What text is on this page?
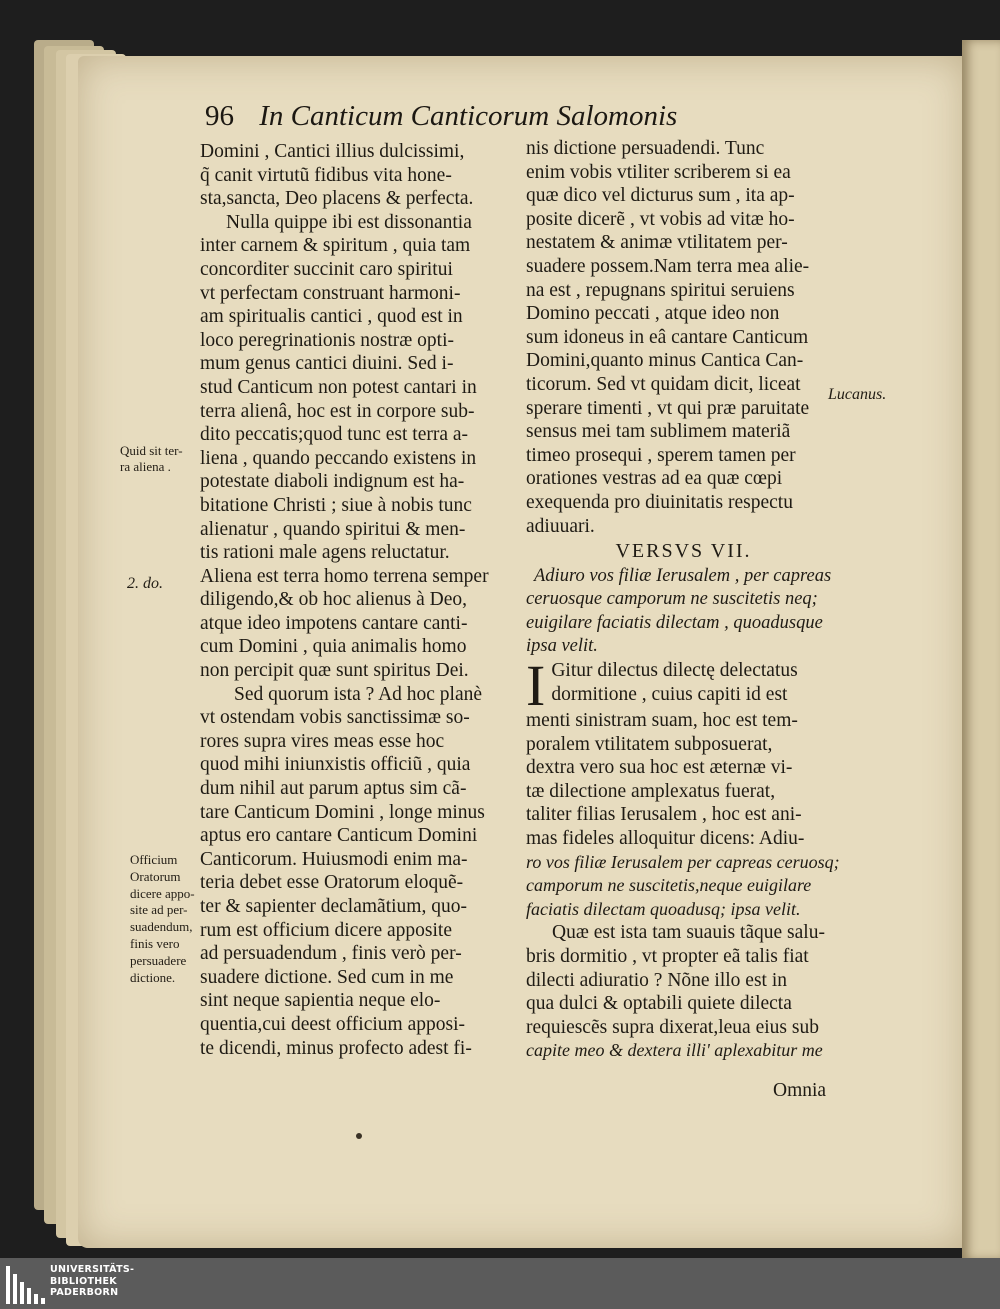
96 In Canticum Canticorum Salomonis
Domini , Cantici illius dulcissimi,
q̃ canit virtutũ fidibus vita hone-
sta,sancta, Deo placens & perfecta.
Nulla quippe ibi est dissonantia
inter carnem & spiritum , quia tam
concorditer succinit caro spiritui
vt perfectam construant harmoni-
am spiritualis cantici , quod est in
loco peregrinationis nostræ opti-
mum genus cantici diuini. Sed i-
stud Canticum non potest cantari in
terra alienâ, hoc est in corpore sub-
dito peccatis;quod tunc est terra a-
liena , quando peccando existens in
potestate diaboli indignum est ha-
bitatione Christi ; siue à nobis tunc
alienatur , quando spiritui & men-
tis rationi male agens reluctatur.
Aliena est terra homo terrena semper
diligendo,& ob hoc alienus à Deo,
atque ideo impotens cantare canti-
cum Domini , quia animalis homo
non percipit quæ sunt spiritus Dei.
Sed quorum ista ? Ad hoc planè
vt ostendam vobis sanctissimæ so-
rores supra vires meas esse hoc
quod mihi iniunxistis officiũ , quia
dum nihil aut parum aptus sim cã-
tare Canticum Domini , longe minus
aptus ero cantare Canticum Domini
Canticorum. Huiusmodi enim ma-
teria debet esse Oratorum eloquẽ-
ter & sapienter declamãtium, quo-
rum est officium dicere apposite
ad persuadendum , finis verò per-
suadere dictione. Sed cum in me
sint neque sapientia neque elo-
quentia,cui deest officium apposi-
te dicendi, minus profecto adest fi-
nis dictione persuadendi. Tunc
enim vobis vtiliter scriberem si ea
quæ dico vel dicturus sum , ita ap-
posite dicerẽ , vt vobis ad vitæ ho-
nestatem & animæ vtilitatem per-
suadere possem.Nam terra mea alie-
na est , repugnans spiritui seruiens
Domino peccati , atque ideo non
sum idoneus in eâ cantare Canticum
Domini,quanto minus Cantica Can-
ticorum. Sed vt quidam dicit, liceat
sperare timenti , vt qui præ paruitate
sensus mei tam sublimem materiã
timeo prosequi , sperem tamen per
orationes vestras ad ea quæ cœpi
exequenda pro diuinitatis respectu
adiuuari.
VERSVS VII.
Adiuro vos filiæ Ierusalem , per capreas
ceruosque camporum ne suscitetis neq;
euigilare faciatis dilectam , quoadusque
ipsa velit.
I Gitur dilectus dilectę delectatus
dormitione , cuius capiti id est
menti sinistram suam, hoc est tem-
poralem vtilitatem subposuerat,
dextra vero sua hoc est æternæ vi-
tæ dilectione amplexatus fuerat,
taliter filias Ierusalem , hoc est ani-
mas fideles alloquitur dicens: Adiu-
ro vos filiæ Ierusalem per capreas ceruosq;
camporum ne suscitetis,neque euigilare
faciatis dilectam quoadusq; ipsa velit.
Quæ est ista tam suauis tãque salu-
bris dormitio , vt propter eã talis fiat
dilecti adiuratio ? Nõne illo est in
qua dulci & optabili quiete dilecta
requiescẽs supra dixerat,leua eius sub
capite meo & dextera illi' aplexabitur me
Omnia
Quid sit ter-
ra aliena .
2. do.
Officium
Oratorum
dicere appo-
site ad per-
suadendum,
finis vero
persuadere
dictione.
Lucanus.
UNIVERSITÄTS-
BIBLIOTHEK
PADERBORN
